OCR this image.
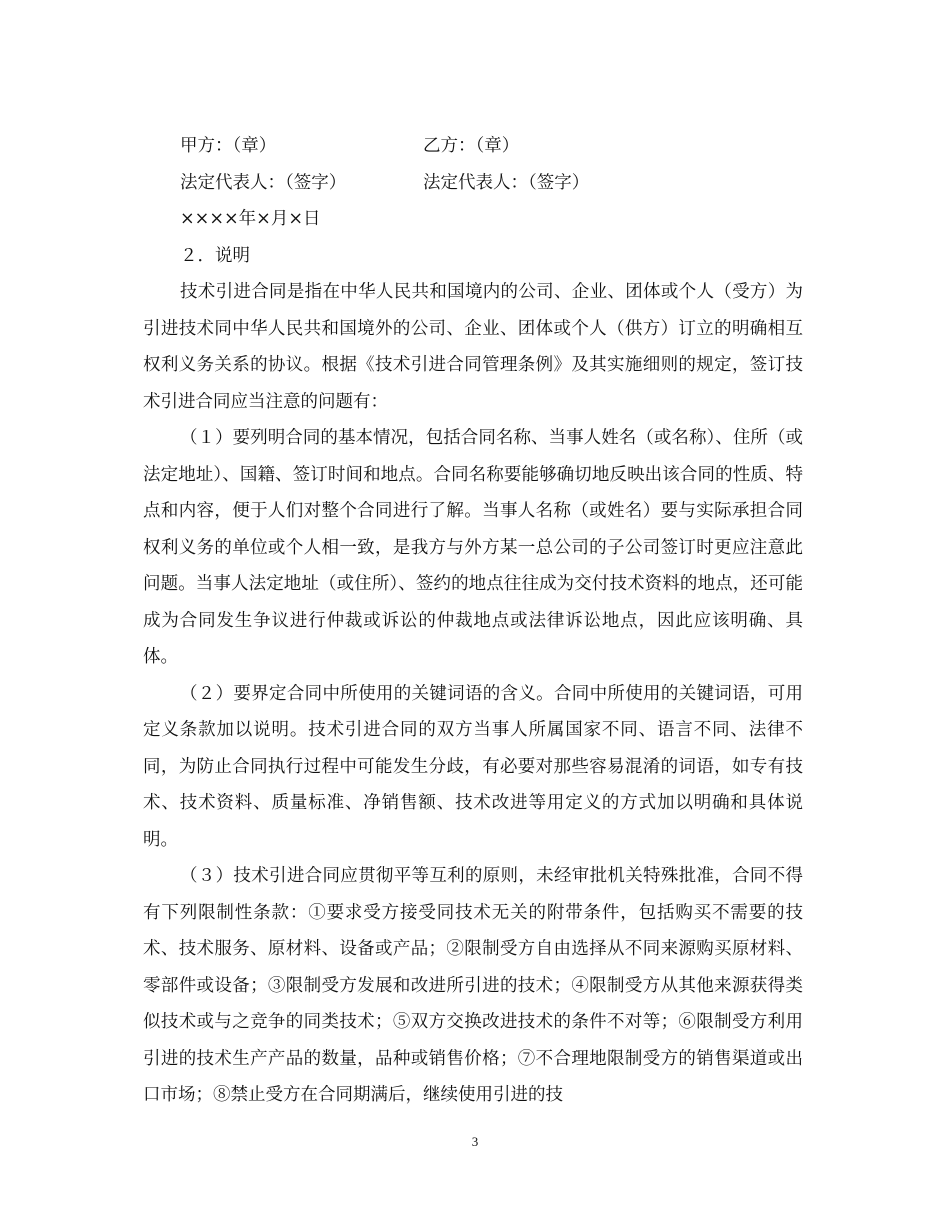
甲方：（章）	乙方：（章）
法定代表人：（签字）	法定代表人：（签字）
××××年×月×日
２．说明

技术引进合同是指在中华人民共和国境内的公司、企业、团体或个人（受方）为引进技术同中华人民共和国境外的公司、企业、团体或个人（供方）订立的明确相互权利义务关系的协议。根据《技术引进合同管理条例》及其实施细则的规定，签订技术引进合同应当注意的问题有：

（１）要列明合同的基本情况，包括合同名称、当事人姓名（或名称）、住所（或法定地址）、国籍、签订时间和地点。合同名称要能够确切地反映出该合同的性质、特点和内容，便于人们对整个合同进行了解。当事人名称（或姓名）要与实际承担合同权利义务的单位或个人相一致，是我方与外方某一总公司的子公司签订时更应注意此问题。当事人法定地址（或住所）、签约的地点往往成为交付技术资料的地点，还可能成为合同发生争议进行仲裁或诉讼的仲裁地点或法律诉讼地点，因此应该明确、具体。

（２）要界定合同中所使用的关键词语的含义。合同中所使用的关键词语，可用定义条款加以说明。技术引进合同的双方当事人所属国家不同、语言不同、法律不同，为防止合同执行过程中可能发生分歧，有必要对那些容易混淆的词语，如专有技术、技术资料、质量标准、净销售额、技术改进等用定义的方式加以明确和具体说明。

（３）技术引进合同应贯彻平等互利的原则，未经审批机关特殊批准，合同不得有下列限制性条款：①要求受方接受同技术无关的附带条件，包括购买不需要的技术、技术服务、原材料、设备或产品；②限制受方自由选择从不同来源购买原材料、零部件或设备；③限制受方发展和改进所引进的技术；④限制受方从其他来源获得类似技术或与之竞争的同类技术；⑤双方交换改进技术的条件不对等；⑥限制受方利用引进的技术生产产品的数量，品种或销售价格；⑦不合理地限制受方的销售渠道或出口市场；⑧禁止受方在合同期满后，继续使用引进的技

3
